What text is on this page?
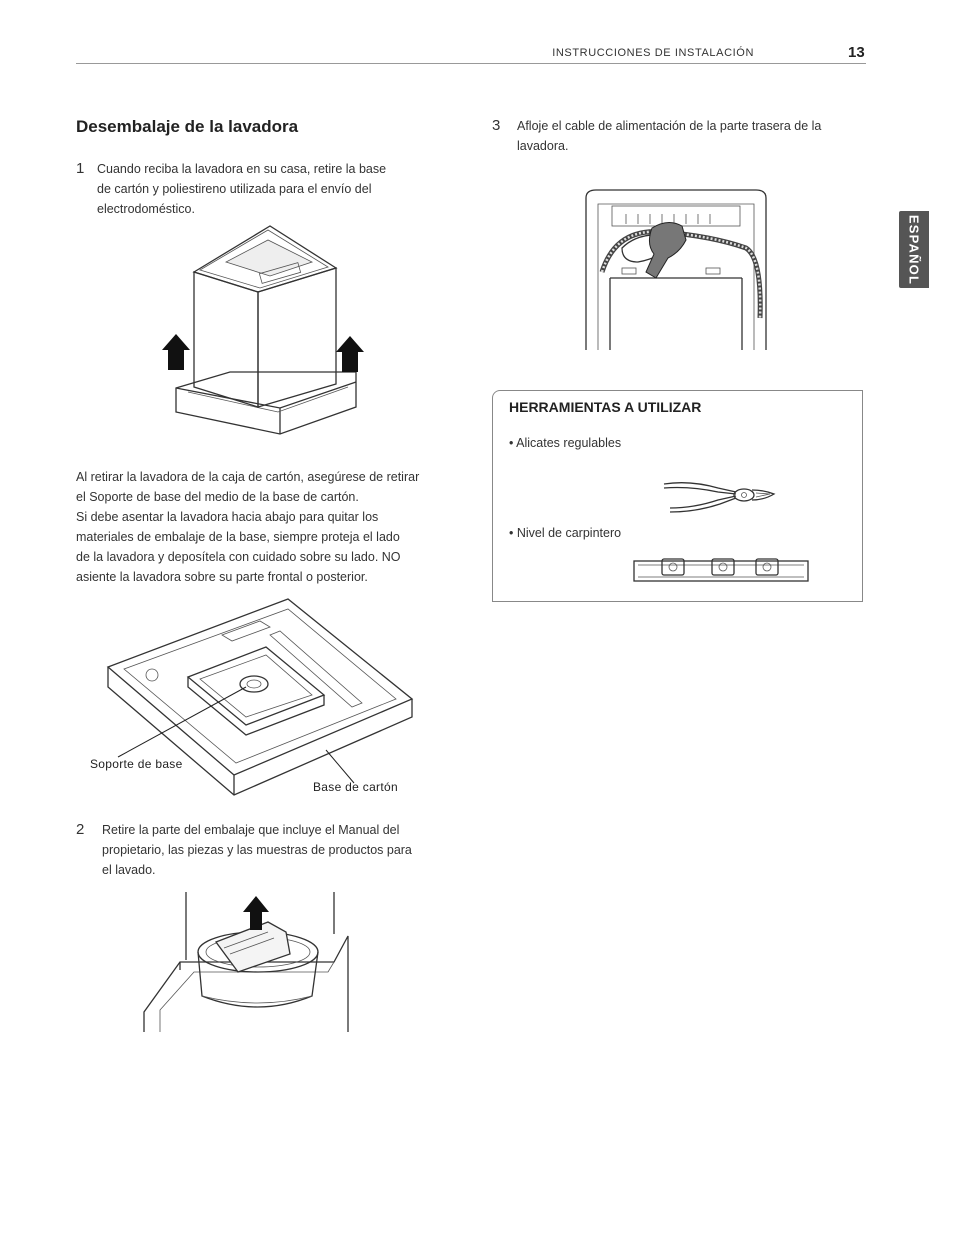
INSTRUCCIONES DE INSTALACIÓN	13
ESPAÑOL
Desembalaje de la lavadora
1 Cuando reciba la lavadora en su casa, retire la base
de cartón y poliestireno utilizada para el envío del
electrodoméstico.
Al retirar la lavadora de la caja de cartón, asegúrese de retirar
el Soporte de base del medio de la base de cartón.
Si debe asentar la lavadora hacia abajo para quitar los
materiales de embalaje de la base, siempre proteja el lado
de la lavadora y deposítela con cuidado sobre su lado. NO
asiente la lavadora sobre su parte frontal o posterior.
Soporte de base
Base de cartón
2 Retire la parte del embalaje que incluye el Manual del
propietario, las piezas y las muestras de productos para
el lavado.
3 Afloje el cable de alimentación de la parte trasera de la
lavadora.
HERRAMIENTAS A UTILIZAR
• Alicates regulables
• Nivel de carpintero
